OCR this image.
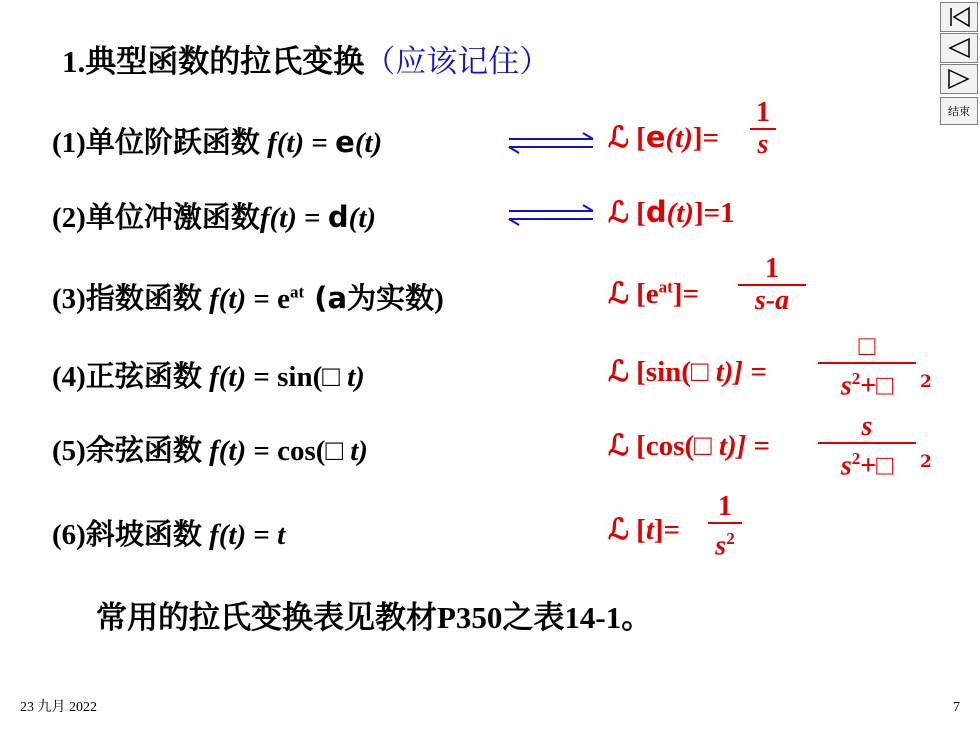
1.典型函数的拉氏变换（应该记住）
(1)单位阶跃函数 f(t) = e(t)	ℒ [e(t)]=
1
s
(2)单位冲激函数f(t) = d(t)	ℒ [d(t)]=1
(3)指数函数 $f(t) = e^{at}$ (a为实数)	ℒ $[e^{at}]=$
1
s-a
(4)正弦函数 f(t) = sin(□ t)	ℒ [sin(□ t)] =
□
$s^2+□$	2
(5)余弦函数 f(t) = cos(□ t)	ℒ [cos(□ t)] =
s
$s^2+□$	2
(6)斜坡函数 f(t) = t	ℒ [t]=
1
$s^2$
常用的拉氏变换表见教材P350之表14-1。
23 九月 2022	7
结束
